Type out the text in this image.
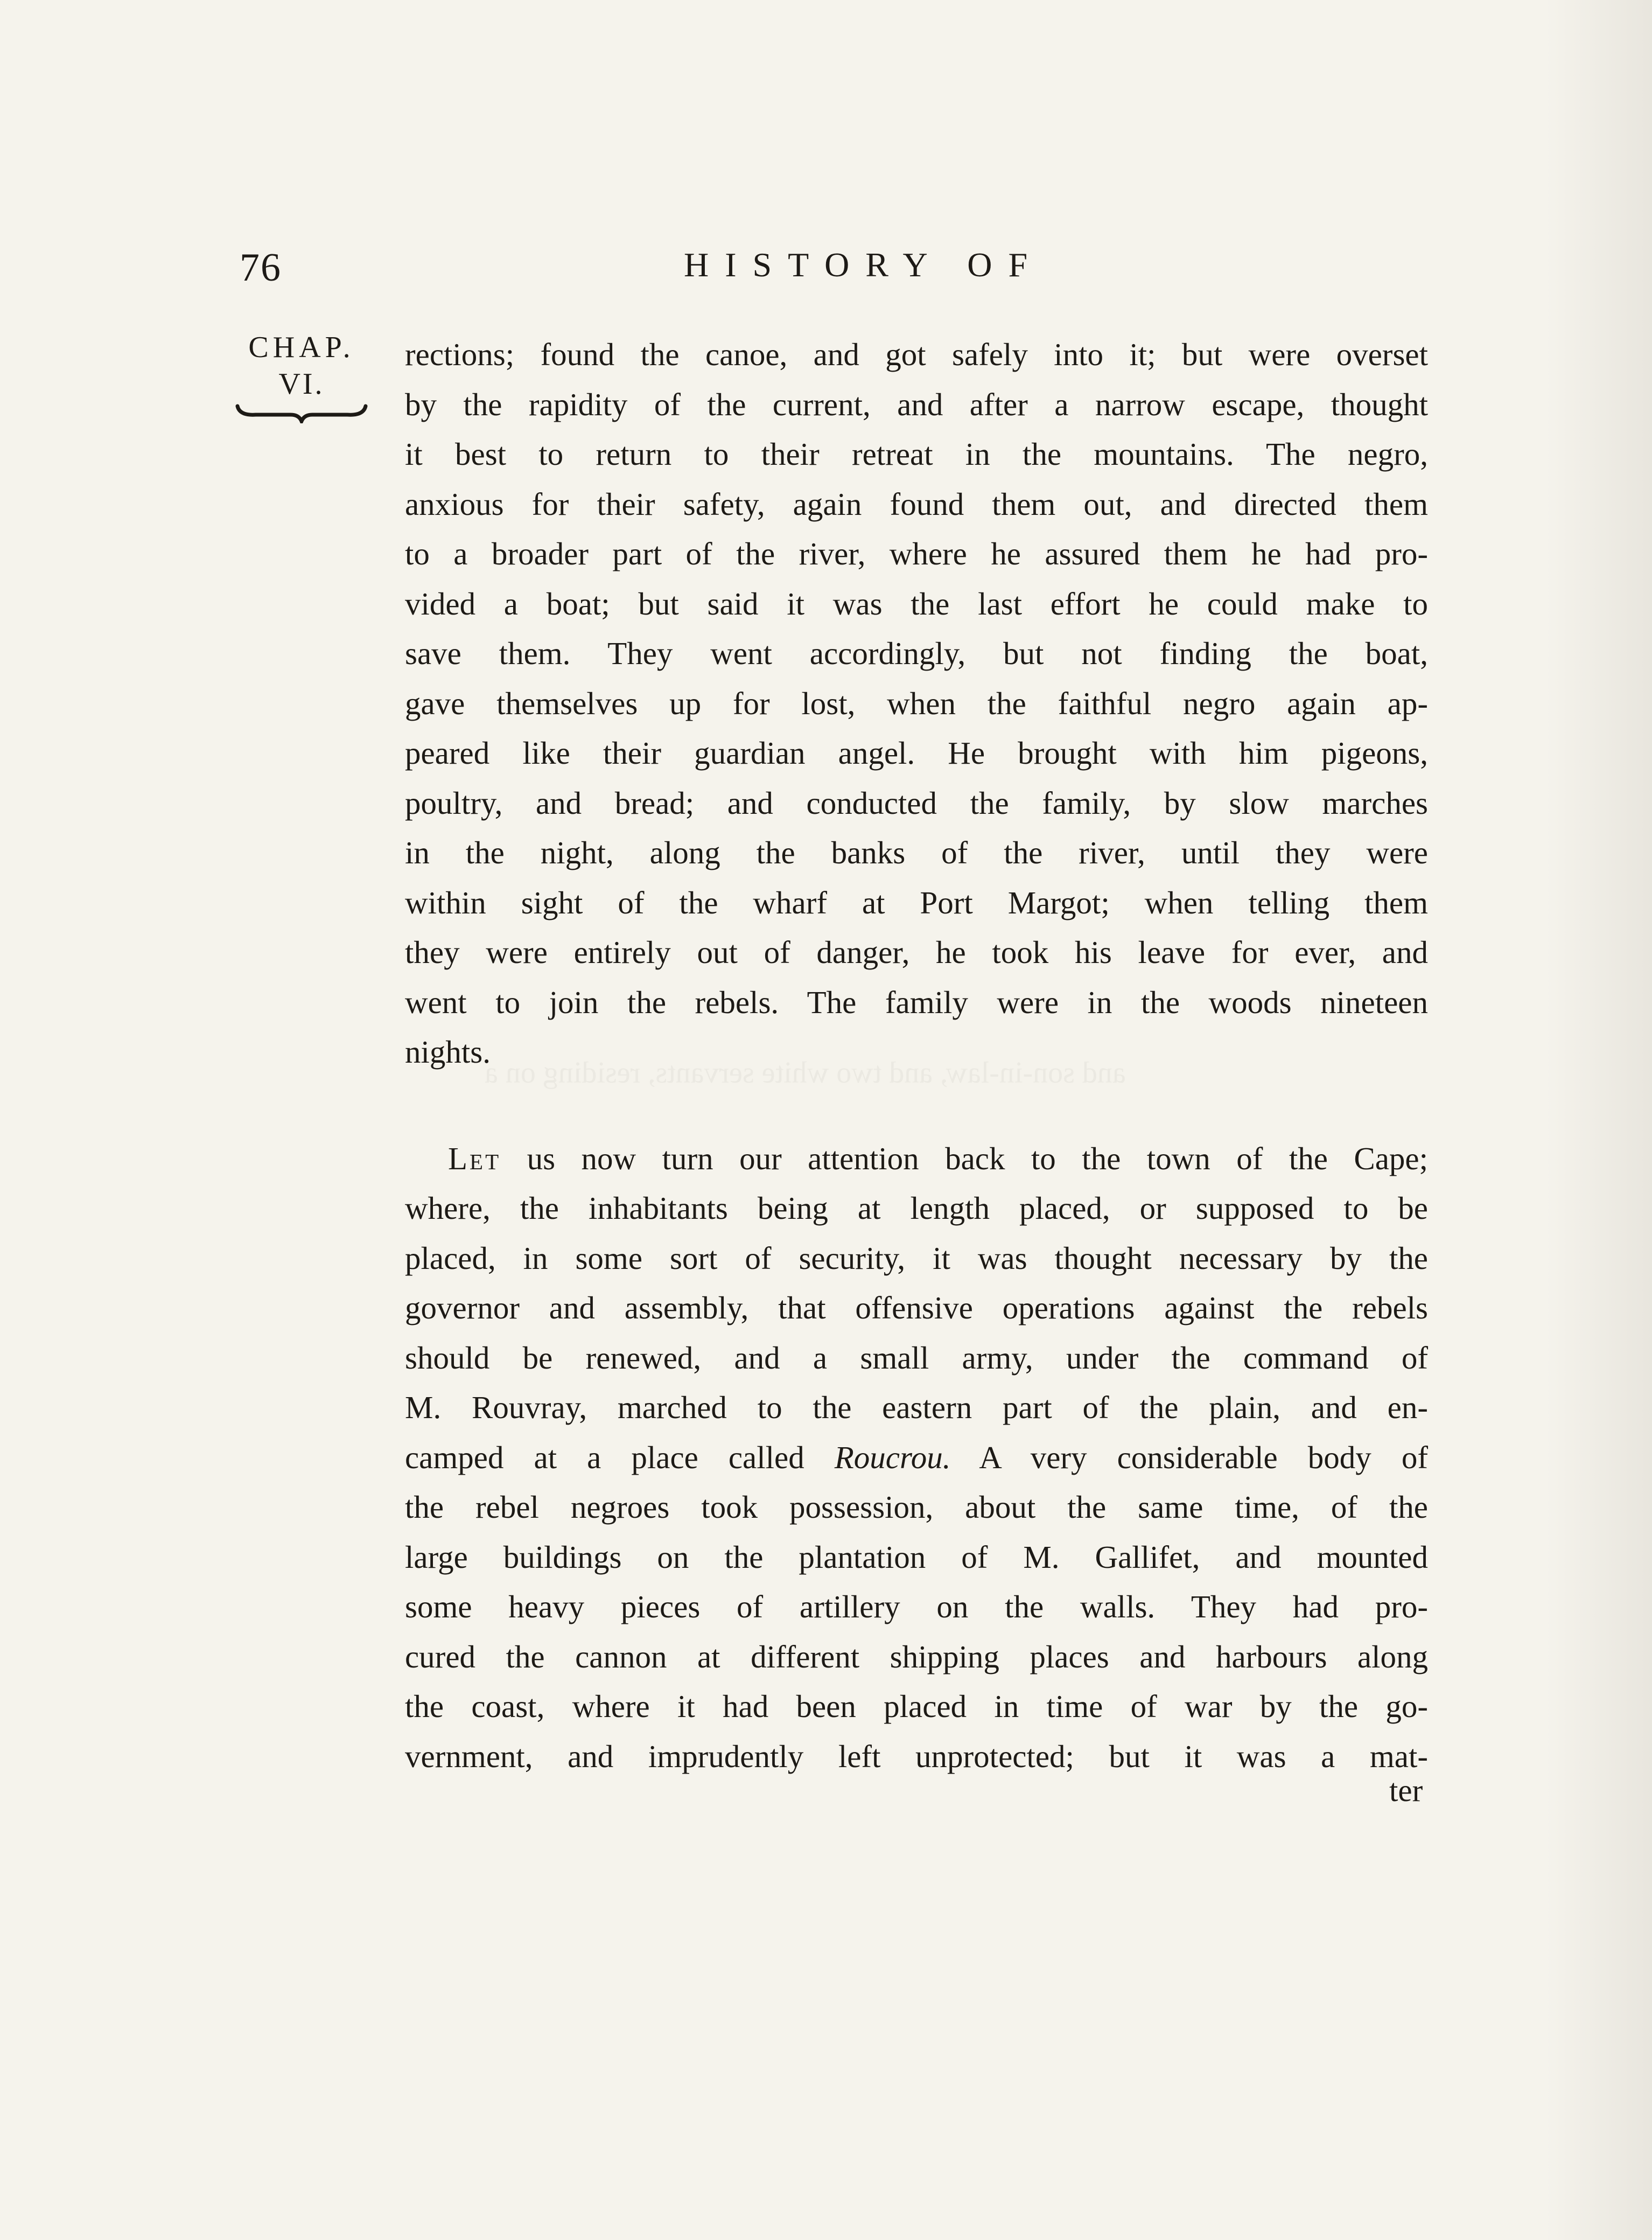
and son-in-law, and two white servants, residing on a
76	HISTORY OF
CHAP.
VI.
rections; found the canoe, and got safely into it; but were overset
by the rapidity of the current, and after a narrow escape, thought
it best to return to their retreat in the mountains. The negro,
anxious for their safety, again found them out, and directed them
to a broader part of the river, where he assured them he had pro-
vided a boat; but said it was the last effort he could make to
save them. They went accordingly, but not finding the boat,
gave themselves up for lost, when the faithful negro again ap-
peared like their guardian angel. He brought with him pigeons,
poultry, and bread; and conducted the family, by slow marches
in the night, along the banks of the river, until they were
within sight of the wharf at Port Margot; when telling them
they were entirely out of danger, he took his leave for ever, and
went to join the rebels. The family were in the woods nineteen
nights.
Let us now turn our attention back to the town of the Cape;
where, the inhabitants being at length placed, or supposed to be
placed, in some sort of security, it was thought necessary by the
governor and assembly, that offensive operations against the rebels
should be renewed, and a small army, under the command of
M. Rouvray, marched to the eastern part of the plain, and en-
camped at a place called Roucrou. A very considerable body of
the rebel negroes took possession, about the same time, of the
large buildings on the plantation of M. Gallifet, and mounted
some heavy pieces of artillery on the walls. They had pro-
cured the cannon at different shipping places and harbours along
the coast, where it had been placed in time of war by the go-
vernment, and imprudently left unprotected; but it was a mat-
ter
